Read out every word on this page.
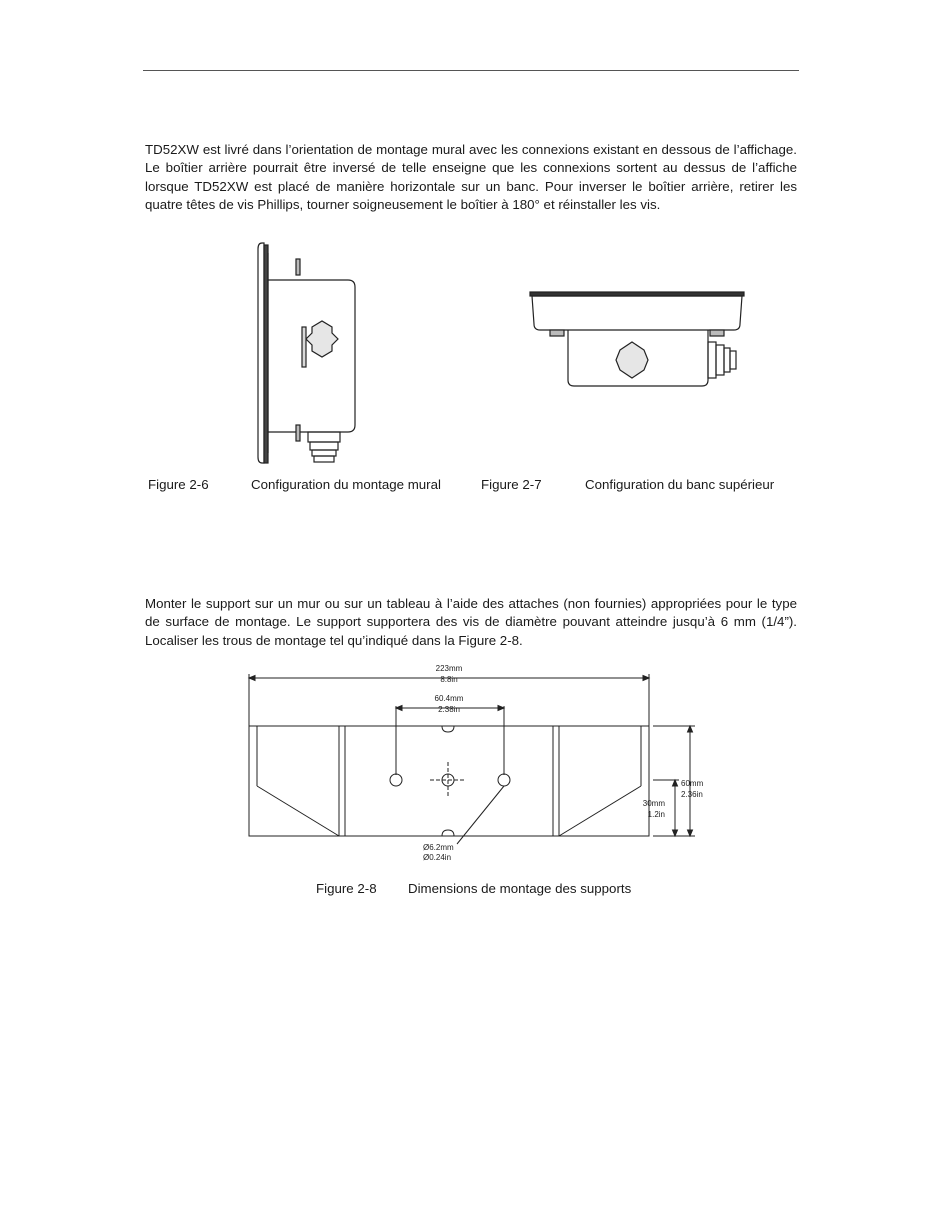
TD52XW est livré dans l’orientation de montage mural avec les connexions existant en dessous de l’affichage. Le boîtier arrière pourrait être inversé de telle enseigne que les connexions sortent au dessus de l’affiche lorsque TD52XW est placé de manière horizontale sur un banc. Pour inverser le boîtier arrière, retirer les quatre têtes de vis Phillips, tourner soigneusement le boîtier à 180° et réinstaller les vis.

Figure 2-6	Configuration du montage mural	Figure 2-7	Configuration du banc supérieur

Monter le support sur un mur ou sur un tableau à l’aide des attaches (non fournies) appropriées pour le type de surface de montage. Le support supportera des vis de diamètre pouvant atteindre jusqu’à 6 mm (1/4”). Localiser les trous de montage tel qu’indiqué dans la Figure 2-8.

223mm
8.8in
60.4mm
2.38in
60mm
2.36in
30mm
1.2in
Ø6.2mm
Ø0.24in
Figure 2-8 Dimensions de montage des supports
